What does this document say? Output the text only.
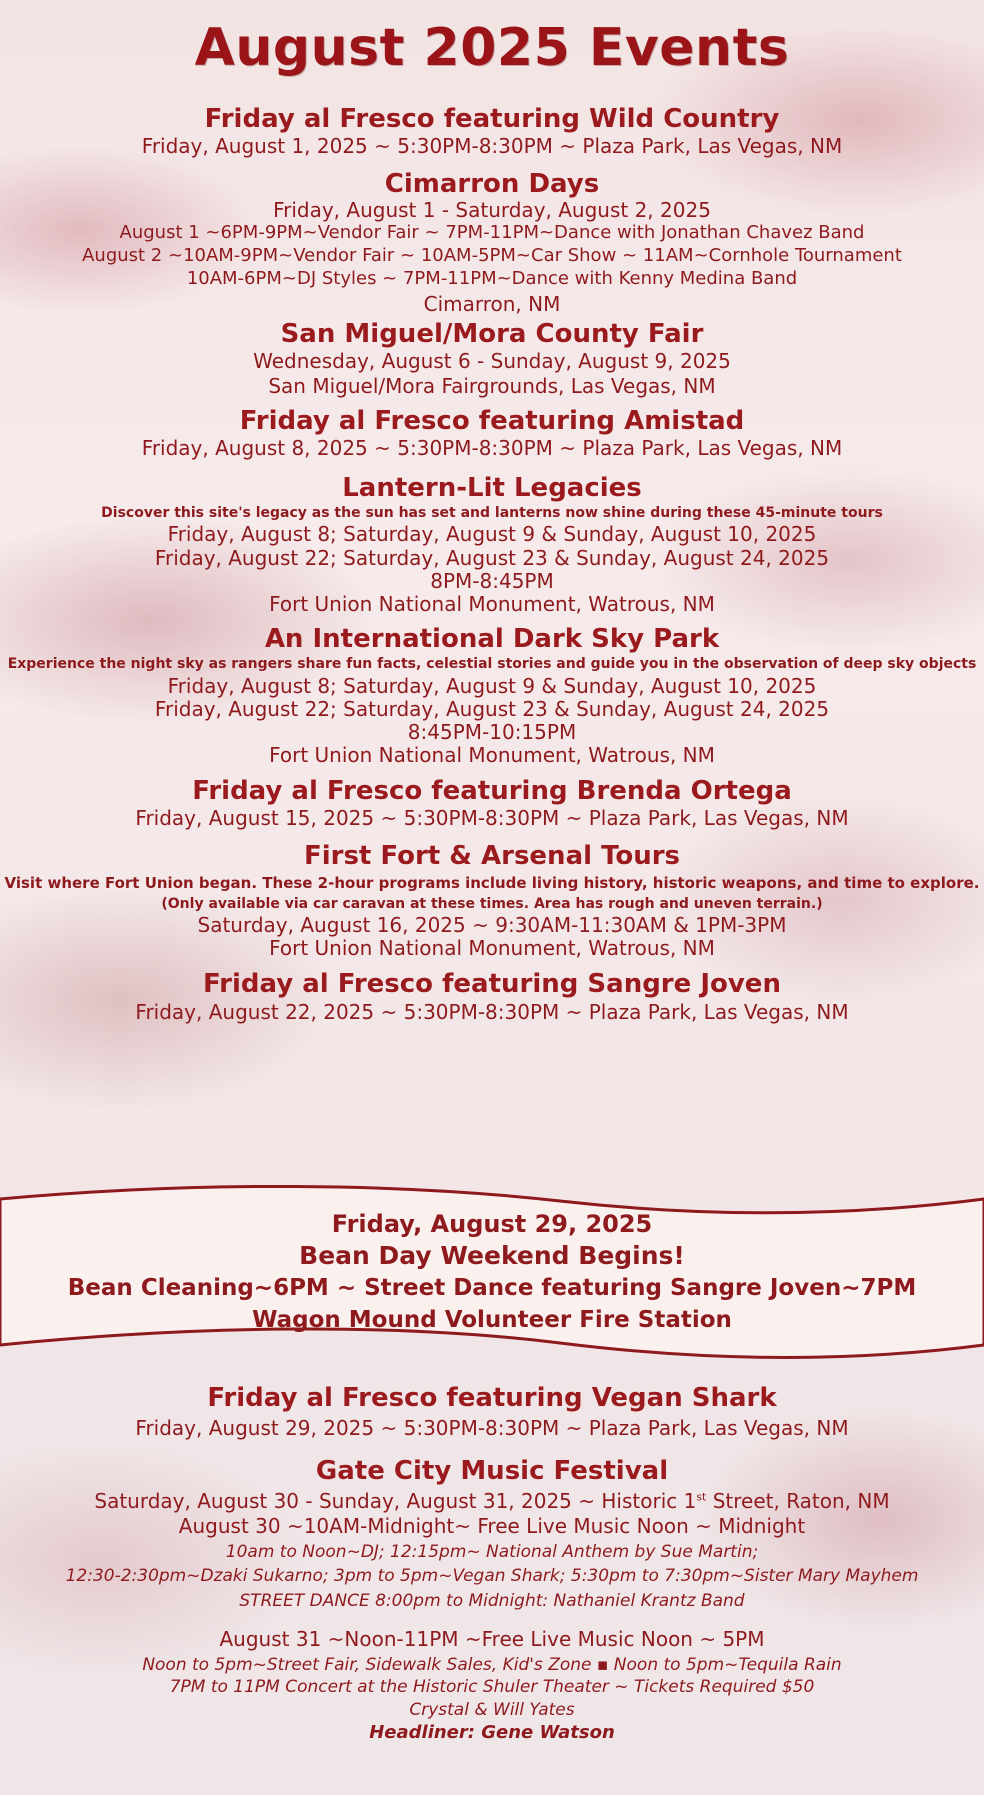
August 2025 Events
Friday al Fresco featuring Wild Country
Friday, August 1, 2025 ~ 5:30PM-8:30PM ~ Plaza Park, Las Vegas, NM
Cimarron Days
Friday, August 1 - Saturday, August 2, 2025
August 1 ~6PM-9PM~Vendor Fair ~ 7PM-11PM~Dance with Jonathan Chavez Band
August 2 ~10AM-9PM~Vendor Fair ~ 10AM-5PM~Car Show ~ 11AM~Cornhole Tournament
10AM-6PM~DJ Styles ~ 7PM-11PM~Dance with Kenny Medina Band
Cimarron, NM
San Miguel/Mora County Fair
Wednesday, August 6 - Sunday, August 9, 2025
San Miguel/Mora Fairgrounds, Las Vegas, NM
Friday al Fresco featuring Amistad
Friday, August 8, 2025 ~ 5:30PM-8:30PM ~ Plaza Park, Las Vegas, NM
Lantern-Lit Legacies
Discover this site's legacy as the sun has set and lanterns now shine during these 45-minute tours
Friday, August 8; Saturday, August 9 & Sunday, August 10, 2025
Friday, August 22; Saturday, August 23 & Sunday, August 24, 2025
8PM-8:45PM
Fort Union National Monument, Watrous, NM
An International Dark Sky Park
Experience the night sky as rangers share fun facts, celestial stories and guide you in the observation of deep sky objects
Friday, August 8; Saturday, August 9 & Sunday, August 10, 2025
Friday, August 22; Saturday, August 23 & Sunday, August 24, 2025
8:45PM-10:15PM
Fort Union National Monument, Watrous, NM
Friday al Fresco featuring Brenda Ortega
Friday, August 15, 2025 ~ 5:30PM-8:30PM ~ Plaza Park, Las Vegas, NM
First Fort & Arsenal Tours
Visit where Fort Union began. These 2-hour programs include living history, historic weapons, and time to explore.
(Only available via car caravan at these times. Area has rough and uneven terrain.)
Saturday, August 16, 2025 ~ 9:30AM-11:30AM & 1PM-3PM
Fort Union National Monument, Watrous, NM
Friday al Fresco featuring Sangre Joven
Friday, August 22, 2025 ~ 5:30PM-8:30PM ~ Plaza Park, Las Vegas, NM
Friday, August 29, 2025
Bean Day Weekend Begins!
Bean Cleaning~6PM ~ Street Dance featuring Sangre Joven~7PM
Wagon Mound Volunteer Fire Station
Friday al Fresco featuring Vegan Shark
Friday, August 29, 2025 ~ 5:30PM-8:30PM ~ Plaza Park, Las Vegas, NM
Gate City Music Festival
Saturday, August 30 - Sunday, August 31, 2025 ~ Historic 1st Street, Raton, NM
August 30 ~10AM-Midnight~ Free Live Music Noon ~ Midnight
10am to Noon~DJ; 12:15pm~ National Anthem by Sue Martin;
12:30-2:30pm~Dzaki Sukarno; 3pm to 5pm~Vegan Shark; 5:30pm to 7:30pm~Sister Mary Mayhem
STREET DANCE 8:00pm to Midnight: Nathaniel Krantz Band
August 31 ~Noon-11PM ~Free Live Music Noon ~ 5PM
Noon to 5pm~Street Fair, Sidewalk Sales, Kid's Zone ▪ Noon to 5pm~Tequila Rain
7PM to 11PM Concert at the Historic Shuler Theater ~ Tickets Required $50
Crystal & Will Yates
Headliner: Gene Watson
